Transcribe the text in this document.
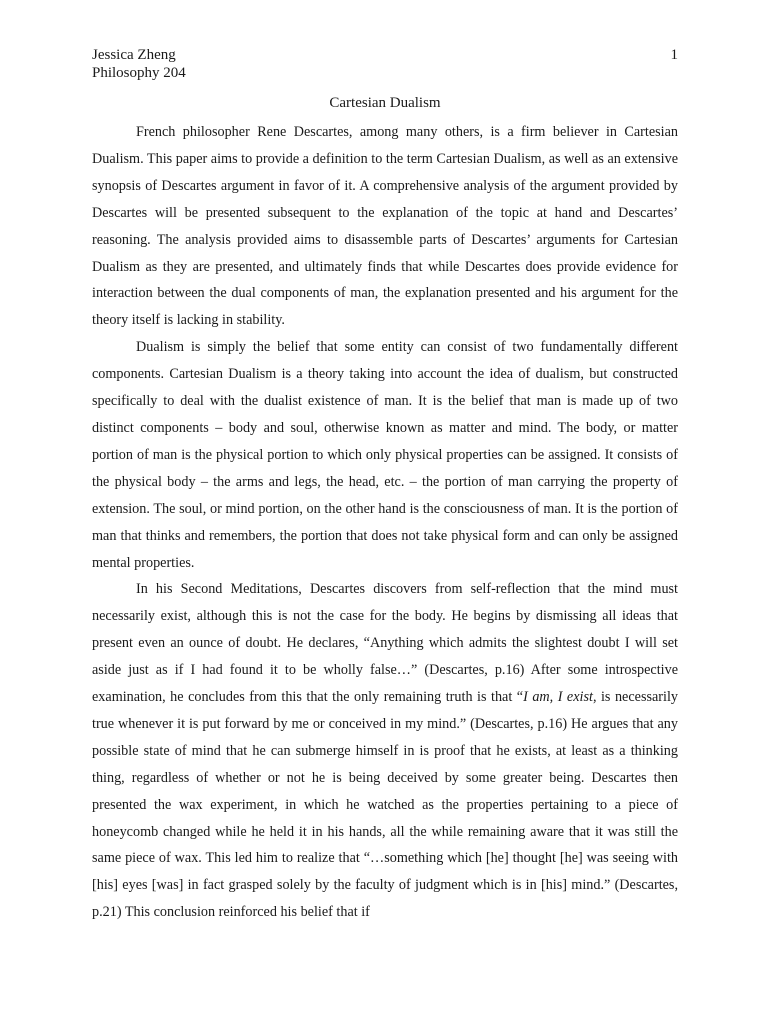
Jessica Zheng
Philosophy 204
1
Cartesian Dualism

French philosopher Rene Descartes, among many others, is a firm believer in Cartesian Dualism. This paper aims to provide a definition to the term Cartesian Dualism, as well as an extensive synopsis of Descartes argument in favor of it. A comprehensive analysis of the argument provided by Descartes will be presented subsequent to the explanation of the topic at hand and Descartes’ reasoning. The analysis provided aims to disassemble parts of Descartes’ arguments for Cartesian Dualism as they are presented, and ultimately finds that while Descartes does provide evidence for interaction between the dual components of man, the explanation presented and his argument for the theory itself is lacking in stability.

Dualism is simply the belief that some entity can consist of two fundamentally different components. Cartesian Dualism is a theory taking into account the idea of dualism, but constructed specifically to deal with the dualist existence of man. It is the belief that man is made up of two distinct components – body and soul, otherwise known as matter and mind. The body, or matter portion of man is the physical portion to which only physical properties can be assigned. It consists of the physical body – the arms and legs, the head, etc. – the portion of man carrying the property of extension. The soul, or mind portion, on the other hand is the consciousness of man. It is the portion of man that thinks and remembers, the portion that does not take physical form and can only be assigned mental properties.

In his Second Meditations, Descartes discovers from self-reflection that the mind must necessarily exist, although this is not the case for the body. He begins by dismissing all ideas that present even an ounce of doubt. He declares, “Anything which admits the slightest doubt I will set aside just as if I had found it to be wholly false…” (Descartes, p.16) After some introspective examination, he concludes from this that the only remaining truth is that “I am, I exist, is necessarily true whenever it is put forward by me or conceived in my mind.” (Descartes, p.16) He argues that any possible state of mind that he can submerge himself in is proof that he exists, at least as a thinking thing, regardless of whether or not he is being deceived by some greater being. Descartes then presented the wax experiment, in which he watched as the properties pertaining to a piece of honeycomb changed while he held it in his hands, all the while remaining aware that it was still the same piece of wax. This led him to realize that “…something which [he] thought [he] was seeing with [his] eyes [was] in fact grasped solely by the faculty of judgment which is in [his] mind.” (Descartes, p.21) This conclusion reinforced his belief that if
